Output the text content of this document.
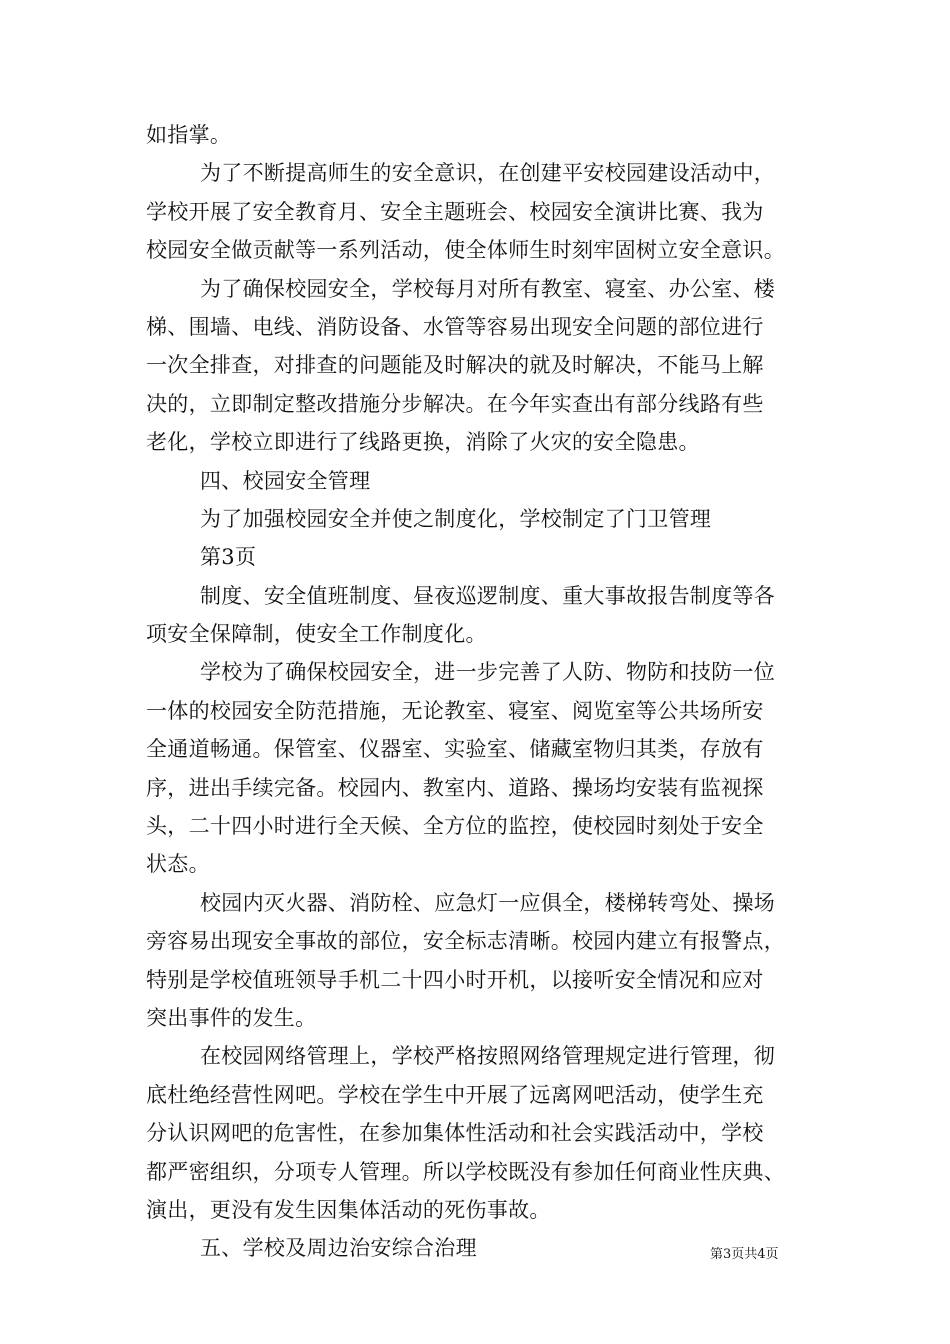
如指掌。
为了不断提高师生的安全意识，在创建平安校园建设活动中，
学校开展了安全教育月、安全主题班会、校园安全演讲比赛、我为
校园安全做贡献等一系列活动，使全体师生时刻牢固树立安全意识。
为了确保校园安全，学校每月对所有教室、寝室、办公室、楼
梯、围墙、电线、消防设备、水管等容易出现安全问题的部位进行
一次全排查，对排查的问题能及时解决的就及时解决，不能马上解
决的，立即制定整改措施分步解决。在今年实查出有部分线路有些
老化，学校立即进行了线路更换，消除了火灾的安全隐患。
四、校园安全管理
为了加强校园安全并使之制度化，学校制定了门卫管理
第3页
制度、安全值班制度、昼夜巡逻制度、重大事故报告制度等各
项安全保障制，使安全工作制度化。
学校为了确保校园安全，进一步完善了人防、物防和技防一位
一体的校园安全防范措施，无论教室、寝室、阅览室等公共场所安
全通道畅通。保管室、仪器室、实验室、储藏室物归其类，存放有
序，进出手续完备。校园内、教室内、道路、操场均安装有监视探
头，二十四小时进行全天候、全方位的监控，使校园时刻处于安全
状态。
校园内灭火器、消防栓、应急灯一应俱全，楼梯转弯处、操场
旁容易出现安全事故的部位，安全标志清晰。校园内建立有报警点，
特别是学校值班领导手机二十四小时开机，以接听安全情况和应对
突出事件的发生。
在校园网络管理上，学校严格按照网络管理规定进行管理，彻
底杜绝经营性网吧。学校在学生中开展了远离网吧活动，使学生充
分认识网吧的危害性，在参加集体性活动和社会实践活动中，学校
都严密组织，分项专人管理。所以学校既没有参加任何商业性庆典、
演出，更没有发生因集体活动的死伤事故。
五、学校及周边治安综合治理	第3页共4页
